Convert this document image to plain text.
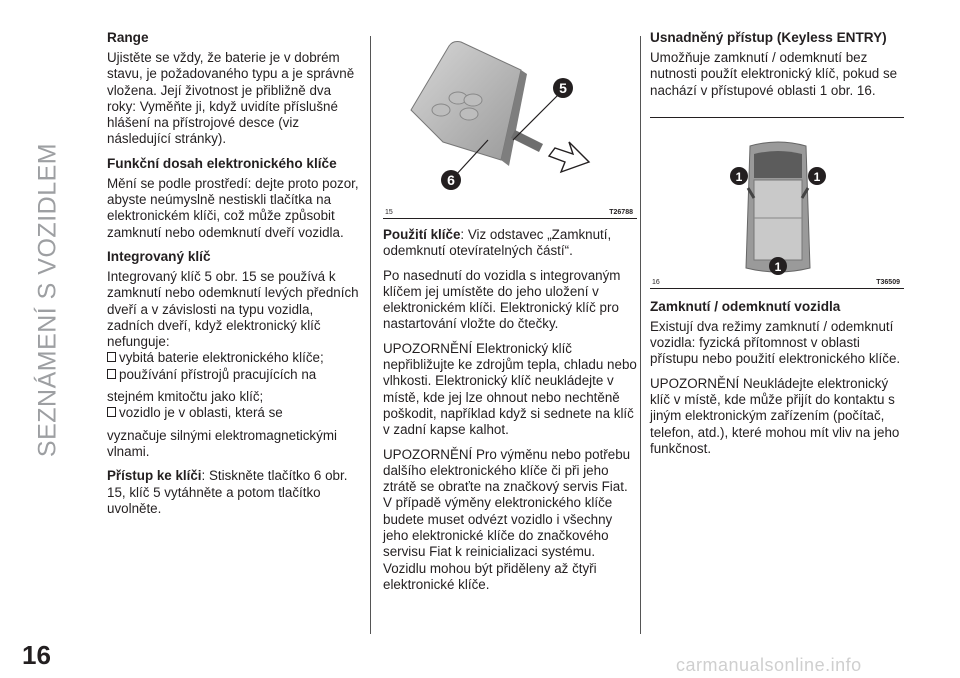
SEZNÁMENÍ S VOZIDLEM
16
Range

Ujistěte se vždy, že baterie je v dobrém stavu, je požadovaného typu a je správně vložena. Její životnost je přibližně dva roky: Vyměňte ji, když uvidíte příslušné hlášení na přístrojové desce (viz následující stránky).

Funkční dosah elektronického klíče

Mění se podle prostředí: dejte proto pozor, abyste neúmyslně nestiskli tlačítka na elektronickém klíči, což může způsobit zamknutí nebo odemknutí dveří vozidla.

Integrovaný klíč

Integrovaný klíč 5 obr. 15 se používá k zamknutí nebo odemknutí levých předních dveří a v závislosti na typu vozidla, zadních dveří, když elektronický klíč nefunguje:

vybitá baterie elektronického klíče;
používání přístrojů pracujících na
stejném kmitočtu jako klíč;
vozidlo je v oblasti, která se
vyznačuje silnými elektromagnetickými vlnami.

Přístup ke klíči: Stiskněte tlačítko 6 obr. 15, klíč 5 vytáhněte a potom tlačítko uvolněte.

5
6
15	T26788

Použití klíče: Viz odstavec „Zamknutí, odemknutí otevíratelných částí“.

Po nasednutí do vozidla s integrovaným klíčem jej umístěte do jeho uložení v elektronickém klíči. Elektronický klíč pro nastartování vložte do čtečky.

UPOZORNĚNÍ Elektronický klíč nepřibližujte ke zdrojům tepla, chladu nebo vlhkosti. Elektronický klíč neukládejte v místě, kde jej lze ohnout nebo nechtěně poškodit, například když si sednete na klíč v zadní kapse kalhot.

UPOZORNĚNÍ Pro výměnu nebo potřebu dalšího elektronického klíče či při jeho ztrátě se obraťte na značkový servis Fiat. V případě výměny elektronického klíče budete muset odvézt vozidlo i všechny jeho elektronické klíče do značkového servisu Fiat k reinicializaci systému. Vozidlu mohou být přiděleny až čtyři elektronické klíče.

Usnadněný přístup (Keyless ENTRY)

Umožňuje zamknutí / odemknutí bez nutnosti použít elektronický klíč, pokud se nachází v přístupové oblasti 1 obr. 16.

1	1
1
16	T36509
Zamknutí / odemknutí vozidla

Existují dva režimy zamknutí / odemknutí vozidla: fyzická přítomnost v oblasti přístupu nebo použití elektronického klíče.

UPOZORNĚNÍ Neukládejte elektronický klíč v místě, kde může přijít do kontaktu s jiným elektronickým zařízením (počítač, telefon, atd.), které mohou mít vliv na jeho funkčnost.

carmanualsonline.info
